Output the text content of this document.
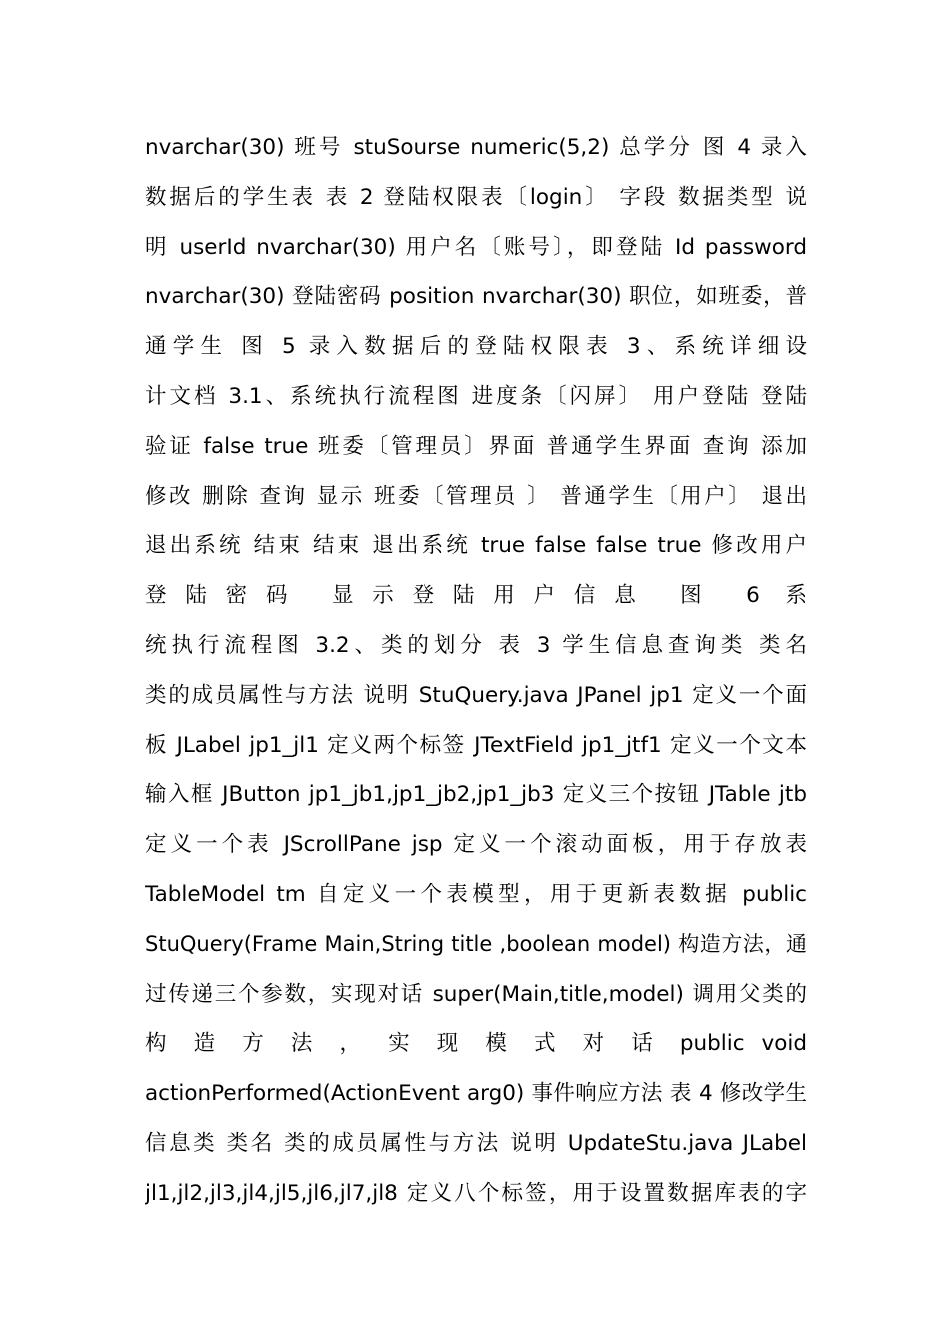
nvarchar(30) 班号 stuSourse numeric(5,2) 总学分 图 4 录入
数据后的学生表 表 2 登陆权限表〔login〕 字段 数据类型 说
明 userId nvarchar(30) 用户名〔账号〕，即登陆 Id password
nvarchar(30) 登陆密码 position nvarchar(30) 职位，如班委，普
通学生 图 5 录入数据后的登陆权限表 3、系统详细设
计文档 3.1、系统执行流程图 进度条〔闪屏〕 用户登陆 登陆
验证 false true 班委〔管理员〕界面 普通学生界面 查询 添加
修改 删除 查询 显示 班委〔管理员 〕 普通学生〔用户〕 退出
退出系统 结束 结束 退出系统 true false false true 修改用户
登陆密码 显示登陆用户信息 图 6 系
统执行流程图 3.2、类的划分 表 3 学生信息查询类 类名
类的成员属性与方法 说明 StuQuery.java JPanel jp1 定义一个面
板 JLabel jp1_jl1 定义两个标签 JTextField jp1_jtf1 定义一个文本
输入框 JButton jp1_jb1,jp1_jb2,jp1_jb3 定义三个按钮 JTable jtb
定义一个表 JScrollPane jsp 定义一个滚动面板，用于存放表
TableModel tm 自定义一个表模型，用于更新表数据 public
StuQuery(Frame Main,String title ,boolean model) 构造方法，通
过传递三个参数，实现对话 super(Main,title,model) 调用父类的
构 造 方 法 ， 实 现 模 式 对 话 public void
actionPerformed(ActionEvent arg0) 事件响应方法 表 4 修改学生
信息类 类名 类的成员属性与方法 说明 UpdateStu.java JLabel
jl1,jl2,jl3,jl4,jl5,jl6,jl7,jl8 定义八个标签，用于设置数据库表的字
